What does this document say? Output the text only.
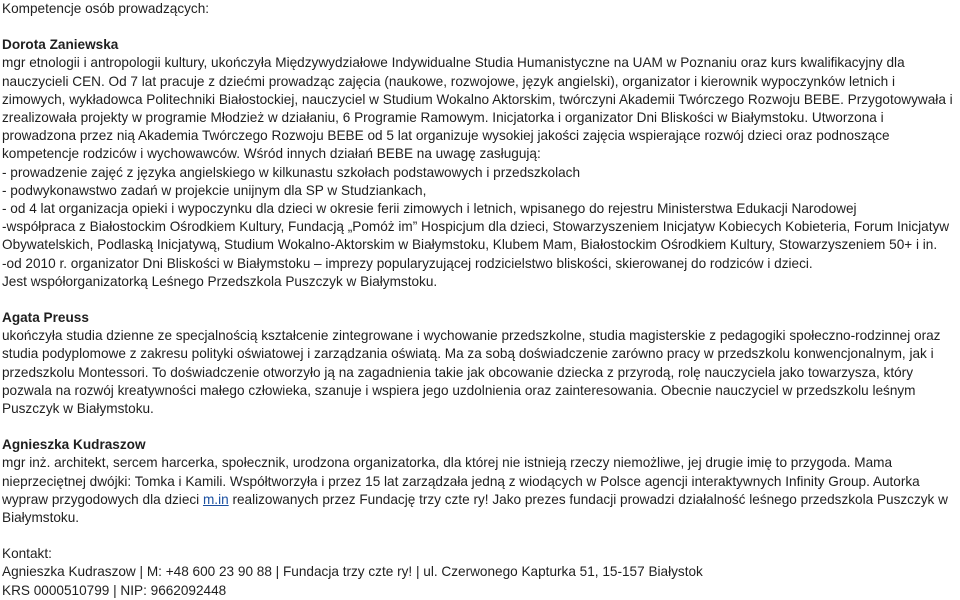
Kompetencje osób prowadzących:

Dorota Zaniewska

mgr etnologii i antropologii kultury, ukończyła Międzywydziałowe Indywidualne Studia Humanistyczne na UAM w Poznaniu oraz kurs kwalifikacyjny dla nauczycieli CEN. Od 7 lat pracuje z dziećmi prowadząc zajęcia (naukowe, rozwojowe, język angielski), organizator i kierownik wypoczynków letnich i zimowych, wykładowca Politechniki Białostockiej, nauczyciel w Studium Wokalno Aktorskim, twórczyni Akademii Twórczego Rozwoju BEBE. Przygotowywała i zrealizowała projekty w programie Młodzież w działaniu, 6 Programie Ramowym. Inicjatorka i organizator Dni Bliskości w Białymstoku. Utworzona i prowadzona przez nią Akademia Twórczego Rozwoju BEBE od 5 lat organizuje wysokiej jakości zajęcia wspierające rozwój dzieci oraz podnoszące kompetencje rodziców i wychowawców. Wśród innych działań BEBE na uwagę zasługują:

- prowadzenie zajęć z języka angielskiego w kilkunastu szkołach podstawowych i przedszkolach
- podwykonawstwo zadań w projekcie unijnym dla SP w Studziankach,
- od 4 lat organizacja opieki i wypoczynku dla dzieci w okresie ferii zimowych i letnich, wpisanego do rejestru Ministerstwa Edukacji Narodowej
-współpraca z Białostockim Ośrodkiem Kultury, Fundacją „Pomóż im” Hospicjum dla dzieci, Stowarzyszeniem Inicjatyw Kobiecych Kobieteria, Forum Inicjatyw Obywatelskich, Podlaską Inicjatywą, Studium Wokalno-Aktorskim w Białymstoku, Klubem Mam, Białostockim Ośrodkiem Kultury, Stowarzyszeniem 50+ i in.
-od 2010 r. organizator Dni Bliskości w Białymstoku – imprezy popularyzującej rodzicielstwo bliskości, skierowanej do rodziców i dzieci.
Jest współorganizatorką Leśnego Przedszkola Puszczyk w Białymstoku.
Agata Preuss

ukończyła studia dzienne ze specjalnością kształcenie zintegrowane i wychowanie przedszkolne, studia magisterskie z pedagogiki społeczno-rodzinnej oraz studia podyplomowe z zakresu polityki oświatowej i zarządzania oświatą. Ma za sobą doświadczenie zarówno pracy w przedszkolu konwencjonalnym, jak i przedszkolu Montessori. To doświadczenie otworzyło ją na zagadnienia takie jak obcowanie dziecka z przyrodą, rolę nauczyciela jako towarzysza, który pozwala na rozwój kreatywności małego człowieka, szanuje i wspiera jego uzdolnienia oraz zainteresowania. Obecnie nauczyciel w przedszkolu leśnym Puszczyk w Białymstoku.

Agnieszka Kudraszow

mgr inż. architekt, sercem harcerka, społecznik, urodzona organizatorka, dla której nie istnieją rzeczy niemożliwe, jej drugie imię to przygoda. Mama nieprzeciętnej dwójki: Tomka i Kamili. Współtworzyła i przez 15 lat zarządzała jedną z wiodących w Polsce agencji interaktywnych Infinity Group. Autorka wypraw przygodowych dla dzieci m.in realizowanych przez Fundację trzy czte ry! Jako prezes fundacji prowadzi działalność leśnego przedszkola Puszczyk w Białymstoku.

Kontakt:
Agnieszka Kudraszow | M: +48 600 23 90 88 | Fundacja trzy czte ry! | ul. Czerwonego Kapturka 51, 15-157 Białystok
KRS 0000510799 | NIP: 9662092448
